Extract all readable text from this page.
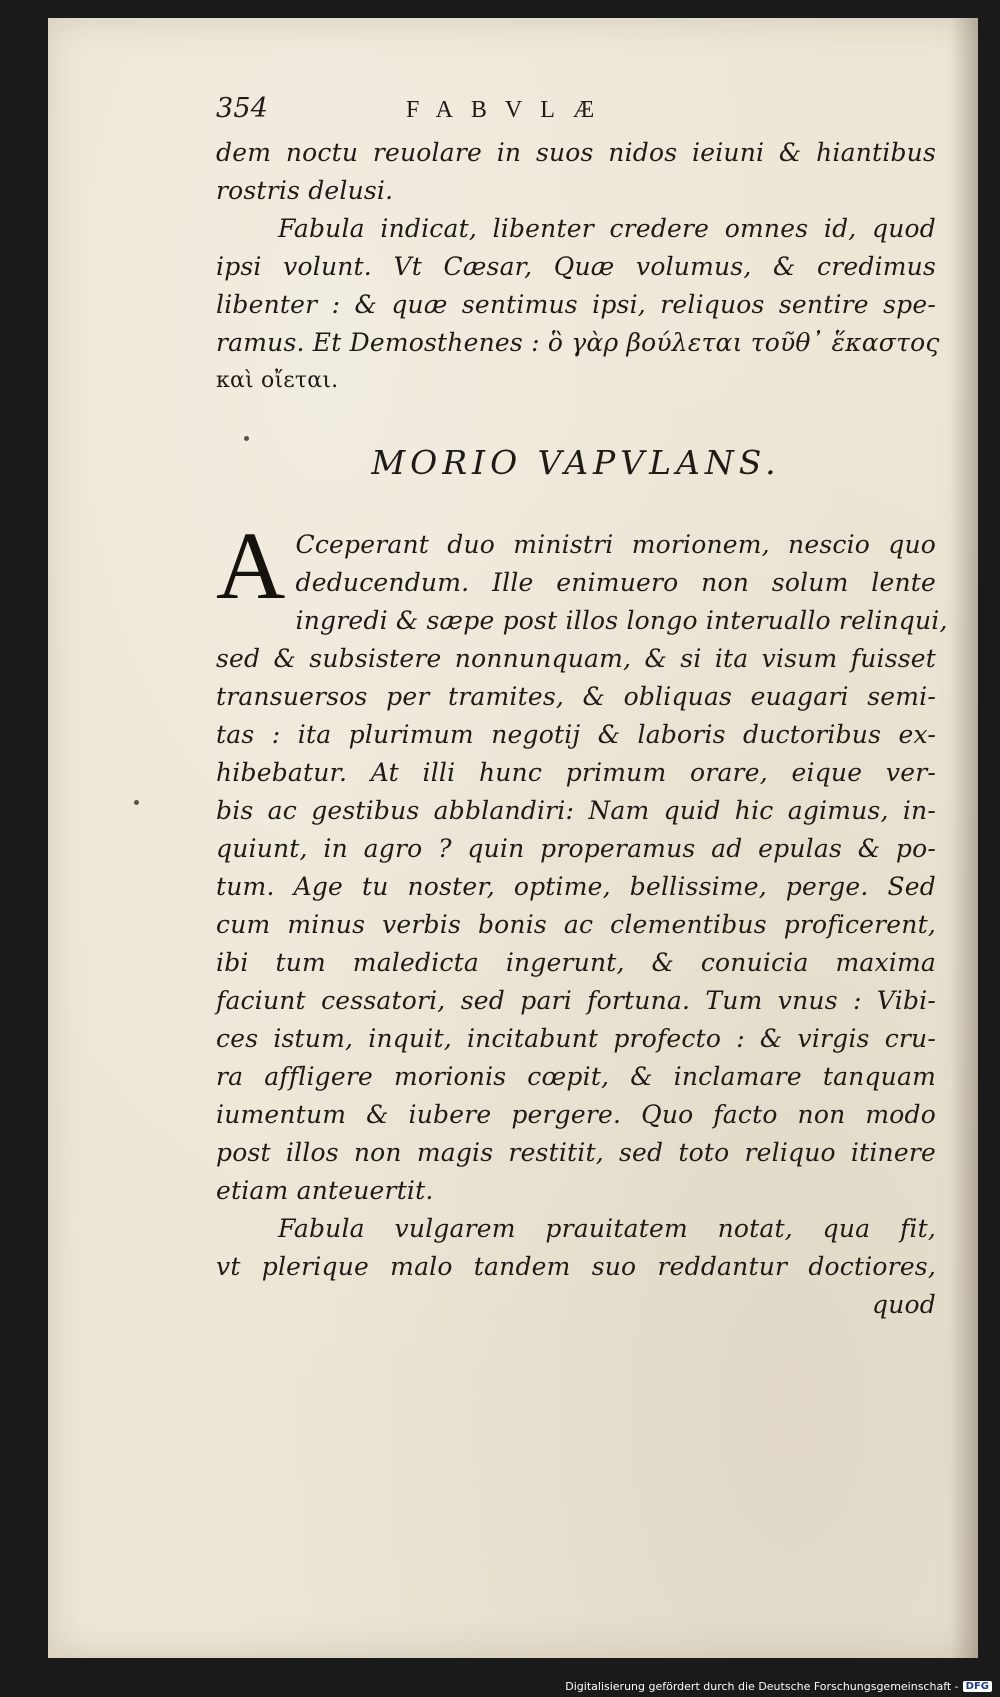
354	FABVLÆ
dem noctu reuolare in suos nidos ieiuni & hiantibus
rostris delusi.
Fabula indicat, libenter credere omnes id, quod
ipsi volunt. Vt Cæsar, Quæ volumus, & credimus
libenter : & quæ sentimus ipsi, reliquos sentire spe-
ramus. Et Demosthenes : ὃ γὰρ βούλεται τοῦθ᾽ ἕκαστος
καὶ οἴεται.
MORIO VAPVLANS.
A Cceperant duo ministri morionem, nescio quo
deducendum. Ille enimuero non solum lente
ingredi & sæpe post illos longo interuallo relinqui,
sed & subsistere nonnunquam, & si ita visum fuisset
transuersos per tramites, & obliquas euagari semi-
tas : ita plurimum negotij & laboris ductoribus ex-
hibebatur. At illi hunc primum orare, eique ver-
bis ac gestibus abblandiri: Nam quid hic agimus, in-
quiunt, in agro ? quin properamus ad epulas & po-
tum. Age tu noster, optime, bellissime, perge. Sed
cum minus verbis bonis ac clementibus proficerent,
ibi tum maledicta ingerunt, & conuicia maxima
faciunt cessatori, sed pari fortuna. Tum vnus : Vibi-
ces istum, inquit, incitabunt profecto : & virgis cru-
ra affligere morionis cœpit, & inclamare tanquam
iumentum & iubere pergere. Quo facto non modo
post illos non magis restitit, sed toto reliquo itinere
etiam anteuertit.
Fabula vulgarem prauitatem notat, qua fit,
vt plerique malo tandem suo reddantur doctiores,
quod
Digitalisierung gefördert durch die Deutsche Forschungsgemeinschaft - DFG
